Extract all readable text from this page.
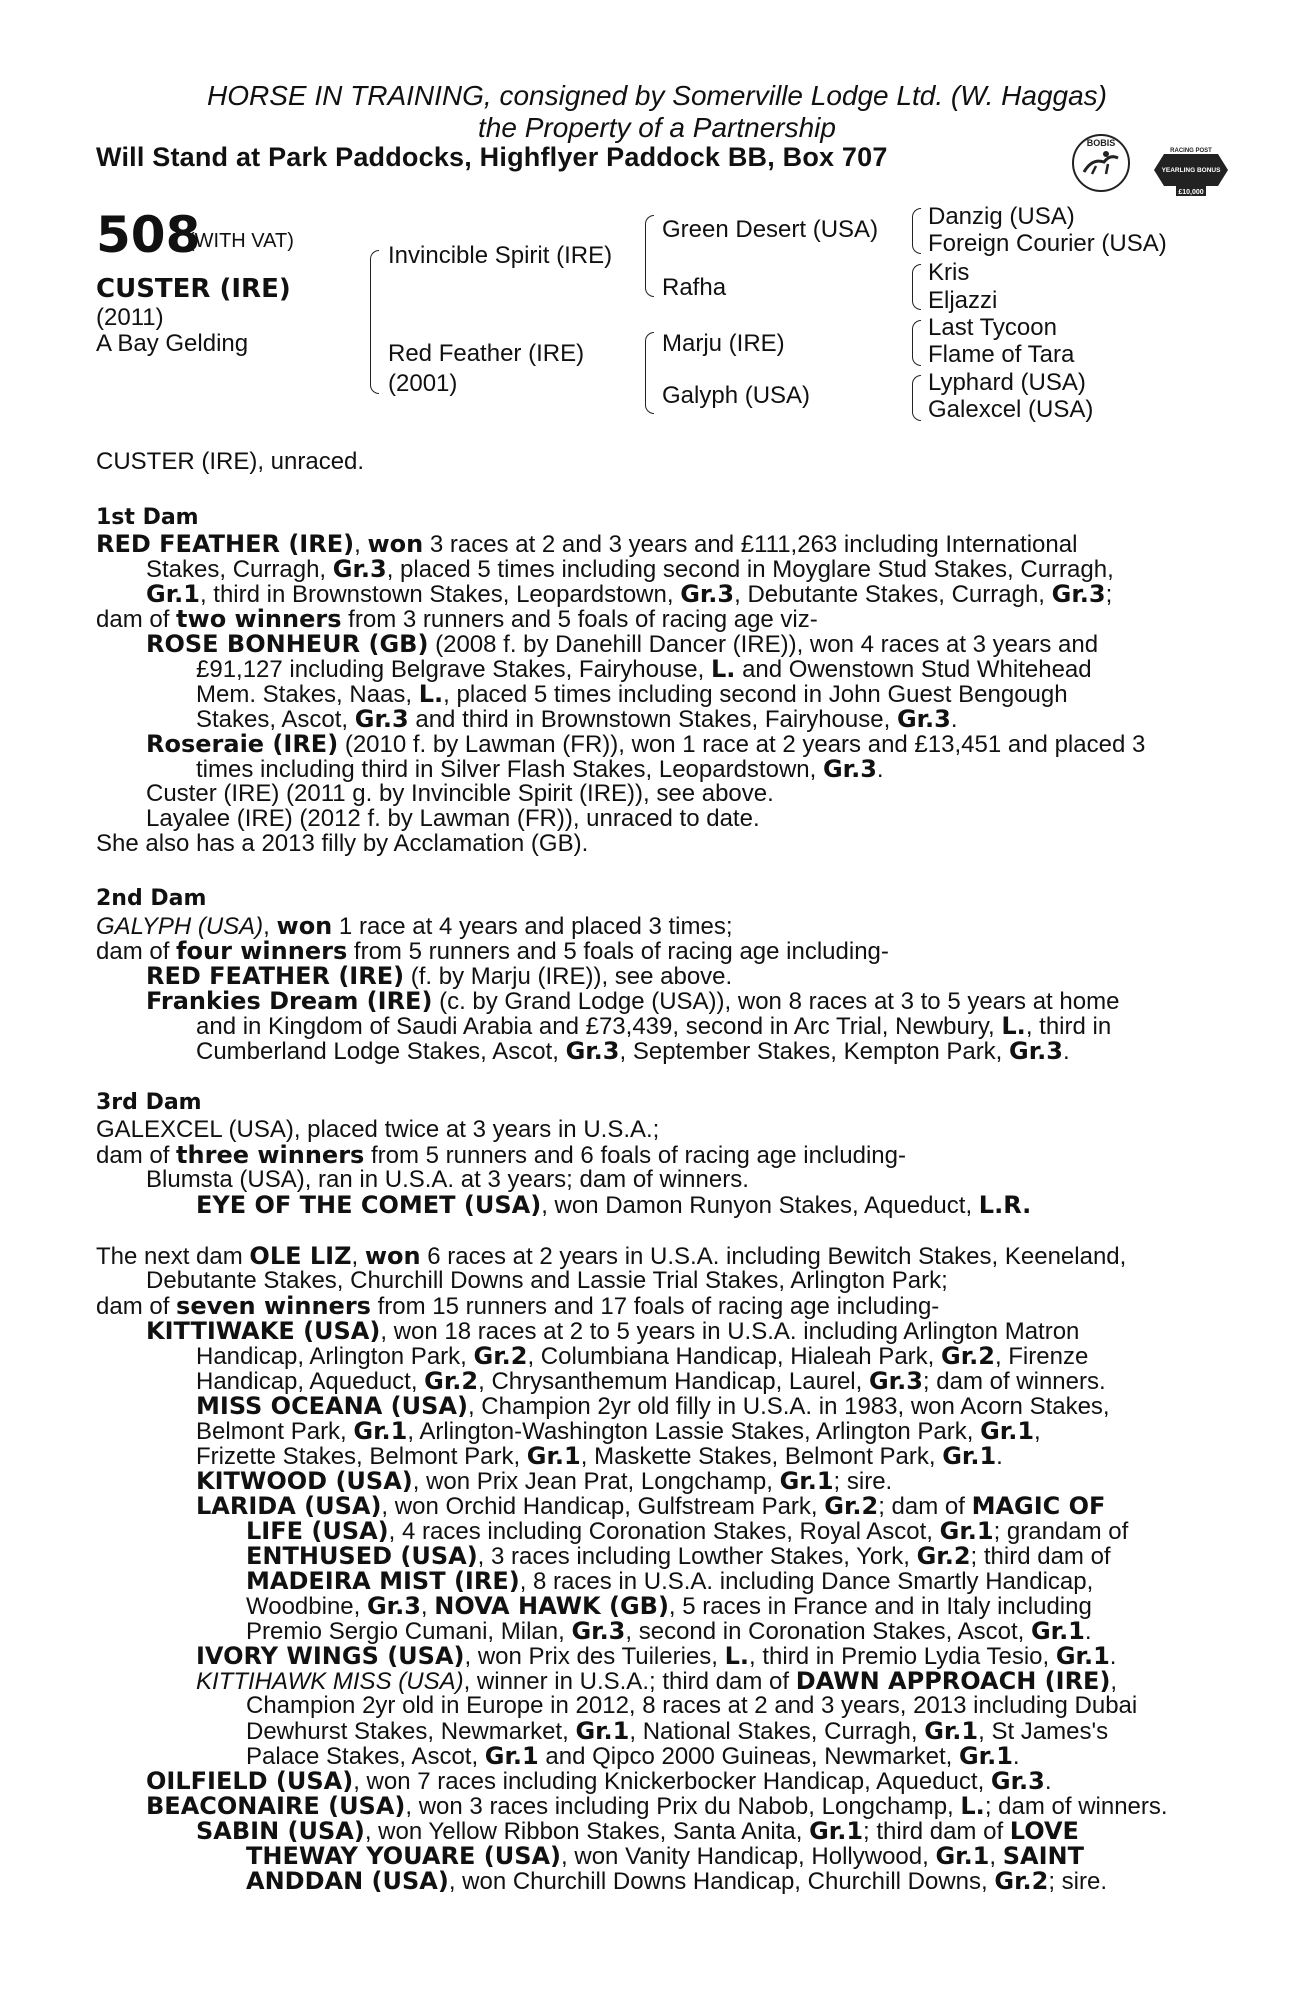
HORSE IN TRAINING, consigned by Somerville Lodge Ltd. (W. Haggas)
the Property of a Partnership
Will Stand at Park Paddocks, Highflyer Paddock BB, Box 707	BOBIS
RACING POST
YEARLING BONUS
£10,000
508
(WITH VAT)
CUSTER (IRE)
(2011)
A Bay Gelding
Invincible Spirit (IRE)
Red Feather (IRE)
(2001)
Green Desert (USA)
Rafha
Marju (IRE)
Galyph (USA)
Danzig (USA)
Foreign Courier (USA)
Kris
Eljazzi
Last Tycoon
Flame of Tara
Lyphard (USA)
Galexcel (USA)
CUSTER (IRE), unraced.
1st Dam
2nd Dam
3rd Dam
RED FEATHER (IRE), won 3 races at 2 and 3 years and £111,263 including International
Stakes, Curragh, Gr.3, placed 5 times including second in Moyglare Stud Stakes, Curragh,
Gr.1, third in Brownstown Stakes, Leopardstown, Gr.3, Debutante Stakes, Curragh, Gr.3;
dam of two winners from 3 runners and 5 foals of racing age viz-
ROSE BONHEUR (GB) (2008 f. by Danehill Dancer (IRE)), won 4 races at 3 years and
£91,127 including Belgrave Stakes, Fairyhouse, L. and Owenstown Stud Whitehead
Mem. Stakes, Naas, L., placed 5 times including second in John Guest Bengough
Stakes, Ascot, Gr.3 and third in Brownstown Stakes, Fairyhouse, Gr.3.
Roseraie (IRE) (2010 f. by Lawman (FR)), won 1 race at 2 years and £13,451 and placed 3
times including third in Silver Flash Stakes, Leopardstown, Gr.3.
Custer (IRE) (2011 g. by Invincible Spirit (IRE)), see above.
Layalee (IRE) (2012 f. by Lawman (FR)), unraced to date.
She also has a 2013 filly by Acclamation (GB).
GALYPH (USA), won 1 race at 4 years and placed 3 times;
dam of four winners from 5 runners and 5 foals of racing age including-
RED FEATHER (IRE) (f. by Marju (IRE)), see above.
Frankies Dream (IRE) (c. by Grand Lodge (USA)), won 8 races at 3 to 5 years at home
and in Kingdom of Saudi Arabia and £73,439, second in Arc Trial, Newbury, L., third in
Cumberland Lodge Stakes, Ascot, Gr.3, September Stakes, Kempton Park, Gr.3.
GALEXCEL (USA), placed twice at 3 years in U.S.A.;
dam of three winners from 5 runners and 6 foals of racing age including-
Blumsta (USA), ran in U.S.A. at 3 years; dam of winners.
EYE OF THE COMET (USA), won Damon Runyon Stakes, Aqueduct, L.R.
The next dam OLE LIZ, won 6 races at 2 years in U.S.A. including Bewitch Stakes, Keeneland,
Debutante Stakes, Churchill Downs and Lassie Trial Stakes, Arlington Park;
dam of seven winners from 15 runners and 17 foals of racing age including-
KITTIWAKE (USA), won 18 races at 2 to 5 years in U.S.A. including Arlington Matron
Handicap, Arlington Park, Gr.2, Columbiana Handicap, Hialeah Park, Gr.2, Firenze
Handicap, Aqueduct, Gr.2, Chrysanthemum Handicap, Laurel, Gr.3; dam of winners.
MISS OCEANA (USA), Champion 2yr old filly in U.S.A. in 1983, won Acorn Stakes,
Belmont Park, Gr.1, Arlington-Washington Lassie Stakes, Arlington Park, Gr.1,
Frizette Stakes, Belmont Park, Gr.1, Maskette Stakes, Belmont Park, Gr.1.
KITWOOD (USA), won Prix Jean Prat, Longchamp, Gr.1; sire.
LARIDA (USA), won Orchid Handicap, Gulfstream Park, Gr.2; dam of MAGIC OF
LIFE (USA), 4 races including Coronation Stakes, Royal Ascot, Gr.1; grandam of
ENTHUSED (USA), 3 races including Lowther Stakes, York, Gr.2; third dam of
MADEIRA MIST (IRE), 8 races in U.S.A. including Dance Smartly Handicap,
Woodbine, Gr.3, NOVA HAWK (GB), 5 races in France and in Italy including
Premio Sergio Cumani, Milan, Gr.3, second in Coronation Stakes, Ascot, Gr.1.
IVORY WINGS (USA), won Prix des Tuileries, L., third in Premio Lydia Tesio, Gr.1.
KITTIHAWK MISS (USA), winner in U.S.A.; third dam of DAWN APPROACH (IRE),
Champion 2yr old in Europe in 2012, 8 races at 2 and 3 years, 2013 including Dubai
Dewhurst Stakes, Newmarket, Gr.1, National Stakes, Curragh, Gr.1, St James's
Palace Stakes, Ascot, Gr.1 and Qipco 2000 Guineas, Newmarket, Gr.1.
OILFIELD (USA), won 7 races including Knickerbocker Handicap, Aqueduct, Gr.3.
BEACONAIRE (USA), won 3 races including Prix du Nabob, Longchamp, L.; dam of winners.
SABIN (USA), won Yellow Ribbon Stakes, Santa Anita, Gr.1; third dam of LOVE
THEWAY YOUARE (USA), won Vanity Handicap, Hollywood, Gr.1, SAINT
ANDDAN (USA), won Churchill Downs Handicap, Churchill Downs, Gr.2; sire.
